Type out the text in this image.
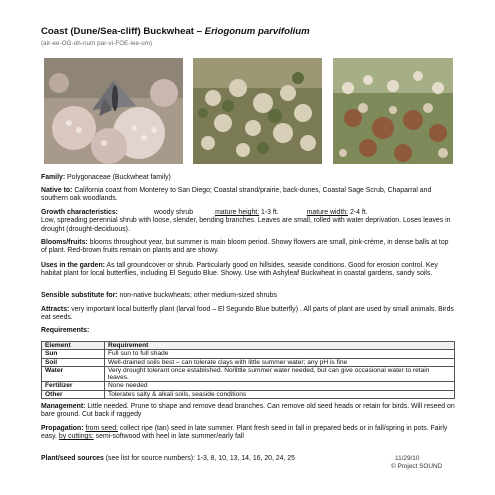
Coast (Dune/Sea-cliff) Buckwheat – Eriogonum parvifolium
(air-ee-OG-oh-num par-vi-FOE-lee-um)
Family: Polygonaceae (Buckwheat family)
Native to: California coast from Monterey to San Diego; Coastal strand/prairie, back-dunes, Coastal Sage Scrub, Chaparral and southern oak woodlands.
Growth characteristics:	woody shrub	mature height: 1-3 ft.	mature width: 2-4 ft.
Low, spreading perennial shrub with loose, slender, bending branches. Leaves are small, rolled with water deprivation. Loses leaves in drought (drought-deciduous).
Blooms/fruits: blooms throughout year, but summer is main bloom period. Showy flowers are small, pink-crème, in dense balls at top of plant. Red-brown fruits remain on plants and are showy.
Uses in the garden: As tall groundcover or shrub. Particularly good on hillsides, seaside conditions. Good for erosion control. Key habitat plant for local butterflies, including El Segudo Blue. Showy. Use with Ashyleaf Buckwheat in coastal gardens, sandy soils.
Sensible substitute for: non-native buckwheats; other medium-sized shrubs
Attracts: very important local butterfly plant (larval food – El Segundo Blue butterfly) . All parts of plant are used by small animals. Birds eat seeds.
Requirements:
Element	Requirement
Sun	Full sun to full shade
Soil	Well-drained soils best – can tolerate clays with little summer water; any pH is fine
Water	Very drought tolerant once established. No/little summer water needed, but can give occasional water to retain leaves.
Fertilizer	None needed
Other	Tolerates salty & alkali soils, seaside conditions
Management: Little needed. Prune to shape and remove dead branches. Can remove old seed heads or retain for birds. Will reseed on bare ground. Cut back if raggedy
Propagation: from seed: collect ripe (tan) seed in late summer. Plant fresh seed in fall in prepared beds or in fall/spring in pots. Fairly easy. by cuttings: semi-softwood with heel in late summer/early fall
Plant/seed sources (see list for source numbers): 1-3, 8, 10, 13, 14, 16, 20, 24, 25	11/29/10
© Project SOUND
